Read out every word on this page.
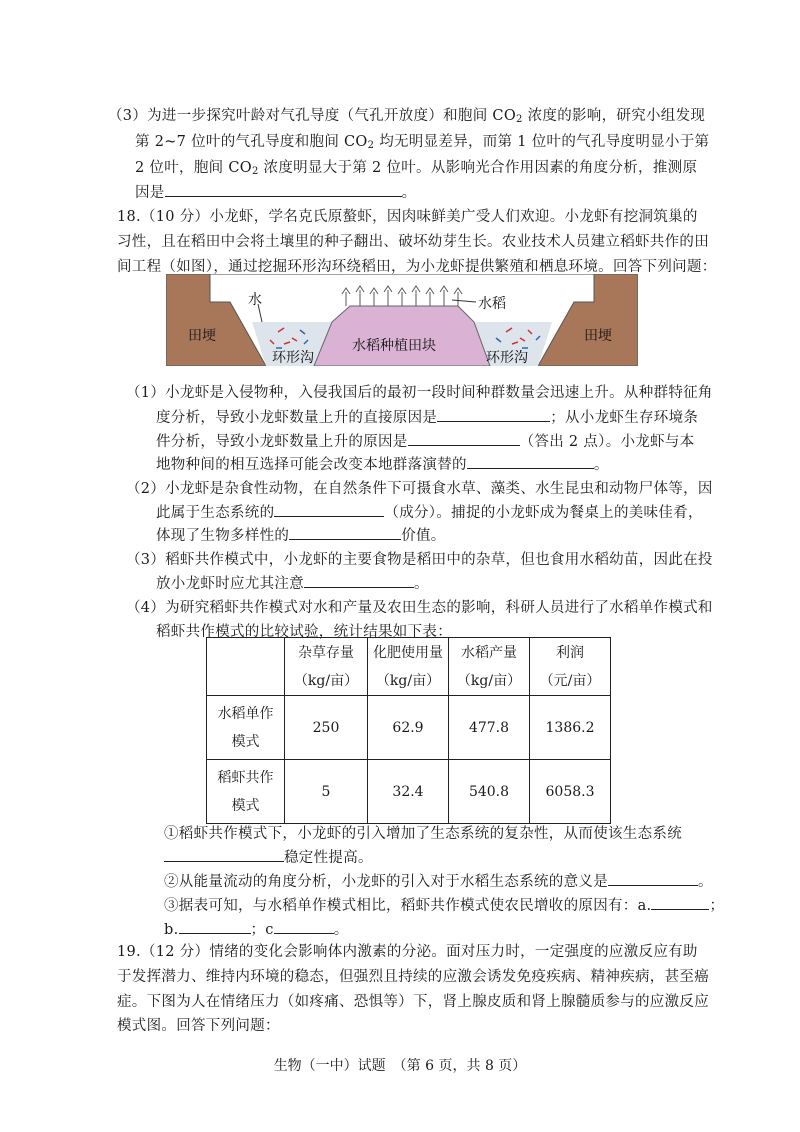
（3）为进一步探究叶龄对气孔导度（气孔开放度）和胞间 $CO_2$ 浓度的影响，研究小组发现
第 2~7 位叶的气孔导度和胞间 $CO_2$ 均无明显差异，而第 1 位叶的气孔导度明显小于第
2 位叶，胞间 $CO_2$ 浓度明显大于第 2 位叶。从影响光合作用因素的角度分析，推测原
因是	。
18.（10 分）小龙虾，学名克氏原螯虾，因肉味鲜美广受人们欢迎。小龙虾有挖洞筑巢的
习性，且在稻田中会将土壤里的种子翻出、破坏幼芽生长。农业技术人员建立稻虾共作的田
间工程（如图），通过挖掘环形沟环绕稻田，为小龙虾提供繁殖和栖息环境。回答下列问题：
田埂	田埂
水	水稻
水稻种植田块
环形沟	环形沟
（1）小龙虾是入侵物种，入侵我国后的最初一段时间种群数量会迅速上升。从种群特征角
度分析，导致小龙虾数量上升的直接原因是	；从小龙虾生存环境条
件分析，导致小龙虾数量上升的原因是	（答出 2 点）。小龙虾与本
地物种间的相互选择可能会改变本地群落演替的	。
（2）小龙虾是杂食性动物，在自然条件下可摄食水草、藻类、水生昆虫和动物尸体等，因
此属于生态系统的	（成分）。捕捉的小龙虾成为餐桌上的美味佳肴，
体现了生物多样性的	价值。
（3）稻虾共作模式中，小龙虾的主要食物是稻田中的杂草，但也食用水稻幼苗，因此在投
放小龙虾时应尤其注意	。
（4）为研究稻虾共作模式对水和产量及农田生态的影响，科研人员进行了水稻单作模式和
稻虾共作模式的比较试验，统计结果如下表：

	杂草存量
（kg/亩）	化肥使用量
（kg/亩）	水稻产量
（kg/亩）	利润
（元/亩）

水稻单作
模式	250	62.9	477.8	1386.2

稻虾共作
模式	5	32.4	540.8	6058.3
①稻虾共作模式下，小龙虾的引入增加了生态系统的复杂性，从而使该生态系统
稳定性提高。
②从能量流动的角度分析，小龙虾的引入对于水稻生态系统的意义是	。
③据表可知，与水稻单作模式相比，稻虾共作模式使农民增收的原因有：a.	；
b.	；c	。
19.（12 分）情绪的变化会影响体内激素的分泌。面对压力时，一定强度的应激反应有助
于发挥潜力、维持内环境的稳态，但强烈且持续的应激会诱发免疫疾病、精神疾病，甚至癌
症。下图为人在情绪压力（如疼痛、恐惧等）下，肾上腺皮质和肾上腺髓质参与的应激反应
模式图。回答下列问题：
生物（一中）试题　（第 6 页，共 8 页）
